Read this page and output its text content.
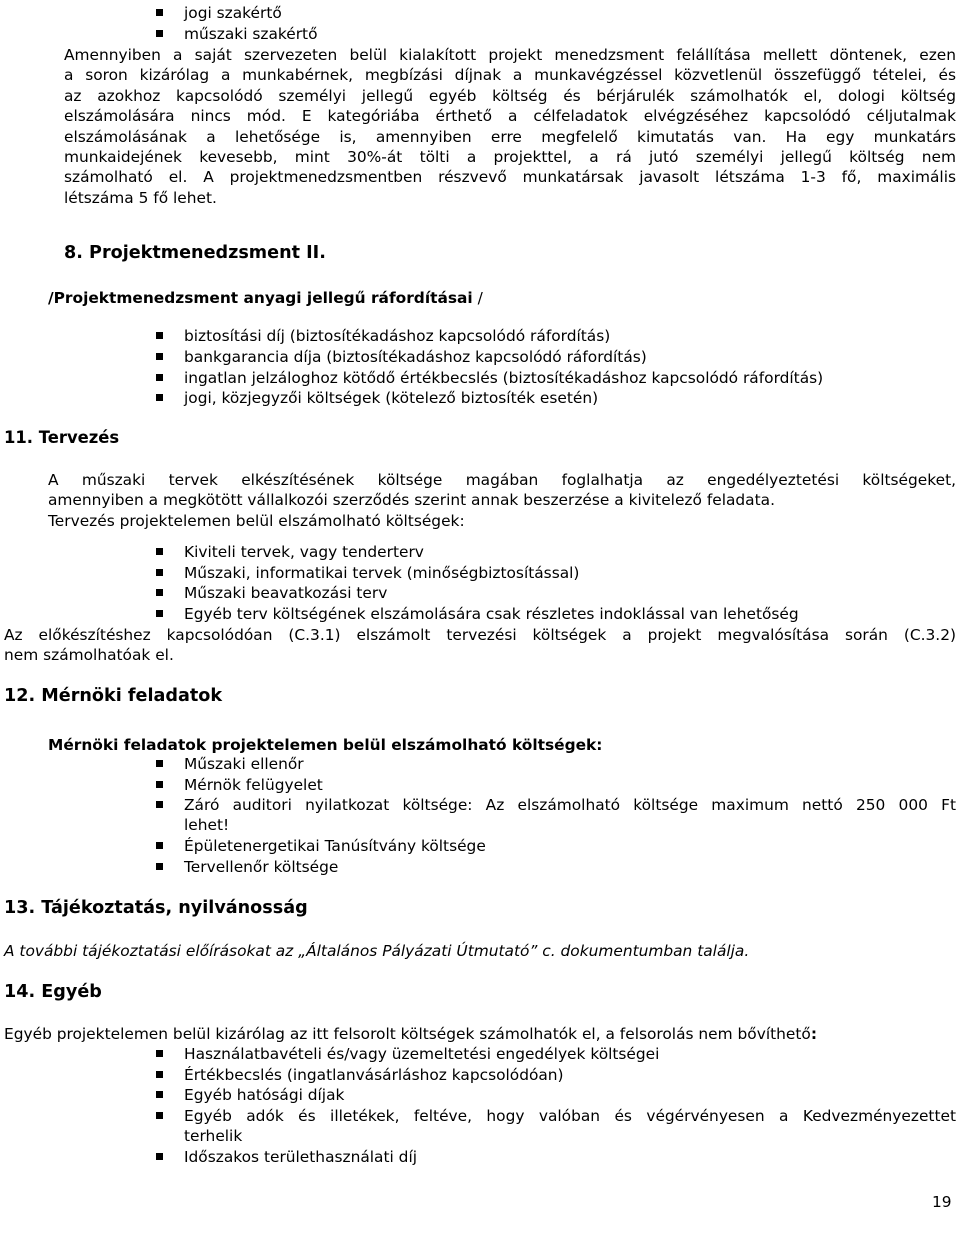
jogi szakértő
műszaki szakértő
Amennyiben a saját szervezeten belül kialakított projekt menedzsment felállítása mellett döntenek, ezen
a soron kizárólag a munkabérnek, megbízási díjnak a munkavégzéssel közvetlenül összefüggő tételei, és
az azokhoz kapcsolódó személyi jellegű egyéb költség és bérjárulék számolhatók el, dologi költség
elszámolására nincs mód. E kategóriába érthető a célfeladatok elvégzéséhez kapcsolódó céljutalmak
elszámolásának a lehetősége is, amennyiben erre megfelelő kimutatás van. Ha egy munkatárs
munkaidejének kevesebb, mint 30%-át tölti a projekttel, a rá jutó személyi jellegű költség nem
számolható el. A projektmenedzsmentben részvevő munkatársak javasolt létszáma 1-3 fő, maximális
létszáma 5 fő lehet.
8. Projektmenedzsment II.
/Projektmenedzsment anyagi jellegű ráfordításai /
biztosítási díj (biztosítékadáshoz kapcsolódó ráfordítás)
bankgarancia díja (biztosítékadáshoz kapcsolódó ráfordítás)
ingatlan jelzáloghoz kötődő értékbecslés (biztosítékadáshoz kapcsolódó ráfordítás)
jogi, közjegyzői költségek (kötelező biztosíték esetén)
11. Tervezés
A műszaki tervek elkészítésének költsége magában foglalhatja az engedélyeztetési költségeket,
amennyiben a megkötött vállalkozói szerződés szerint annak beszerzése a kivitelező feladata.
Tervezés projektelemen belül elszámolható költségek:
Kiviteli tervek, vagy tenderterv
Műszaki, informatikai tervek (minőségbiztosítással)
Műszaki beavatkozási terv
Egyéb terv költségének elszámolására csak részletes indoklással van lehetőség
Az előkészítéshez kapcsolódóan (C.3.1) elszámolt tervezési költségek a projekt megvalósítása során (C.3.2)
nem számolhatóak el.
12. Mérnöki feladatok
Mérnöki feladatok projektelemen belül elszámolható költségek:
Műszaki ellenőr
Mérnök felügyelet
Záró auditori nyilatkozat költsége: Az elszámolható költsége maximum nettó 250 000 Ft
lehet!
Épületenergetikai Tanúsítvány költsége
Tervellenőr költsége
13. Tájékoztatás, nyilvánosság
A további tájékoztatási előírásokat az „Általános Pályázati Útmutató” c. dokumentumban találja.
14. Egyéb
Egyéb projektelemen belül kizárólag az itt felsorolt költségek számolhatók el, a felsorolás nem bővíthető:
Használatbavételi és/vagy üzemeltetési engedélyek költségei
Értékbecslés (ingatlanvásárláshoz kapcsolódóan)
Egyéb hatósági díjak
Egyéb adók és illetékek, feltéve, hogy valóban és végérvényesen a Kedvezményezettet
terhelik
Időszakos területhasználati díj
19
